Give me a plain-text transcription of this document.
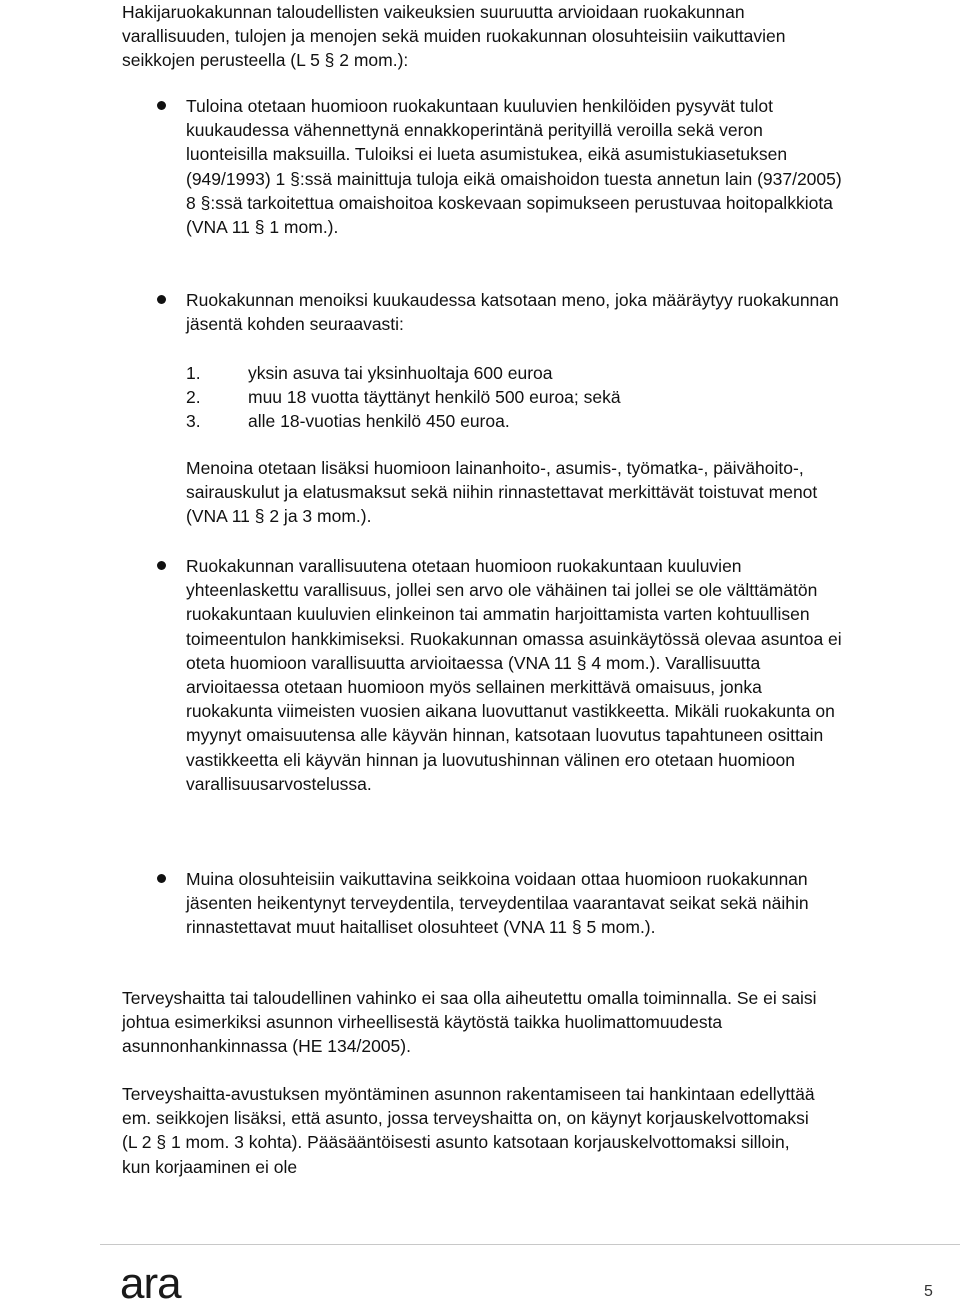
Hakijaruokakunnan taloudellisten vaikeuksien suuruutta arvioidaan ruokakunnan varallisuuden, tulojen ja menojen sekä muiden ruokakunnan olosuhteisiin vaikuttavien seikkojen perusteella (L 5 § 2 mom.):

Tuloina otetaan huomioon ruokakuntaan kuuluvien henkilöiden pysyvät tulot kuukaudessa vähennettynä ennakkoperintänä perityillä veroilla sekä veron luonteisilla maksuilla. Tuloiksi ei lueta asumistukea, eikä asumistukiasetuksen (949/1993) 1 §:ssä mainittuja tuloja eikä omaishoidon tuesta annetun lain (937/2005) 8 §:ssä tarkoitettua omaishoitoa koskevaan sopimukseen perustuvaa hoitopalkkiota (VNA 11 § 1 mom.).

Ruokakunnan menoiksi kuukaudessa katsotaan meno, joka määräytyy ruokakunnan jäsentä kohden seuraavasti:

1.	yksin asuva tai yksinhuoltaja 600 euroa
2.	muu 18 vuotta täyttänyt henkilö 500 euroa; sekä
3.	alle 18-vuotias henkilö 450 euroa.

Menoina otetaan lisäksi huomioon lainanhoito-, asumis-, työmatka-, päivähoito-, sairauskulut ja elatusmaksut sekä niihin rinnastettavat merkittävät toistuvat menot (VNA 11 § 2 ja 3 mom.).

Ruokakunnan varallisuutena otetaan huomioon ruokakuntaan kuuluvien yhteenlaskettu varallisuus, jollei sen arvo ole vähäinen tai jollei se ole välttämätön ruokakuntaan kuuluvien elinkeinon tai ammatin harjoittamista varten kohtuullisen toimeentulon hankkimiseksi. Ruokakunnan omassa asuinkäytössä olevaa asuntoa ei oteta huomioon varallisuutta arvioitaessa (VNA 11 § 4 mom.). Varallisuutta arvioitaessa otetaan huomioon myös sellainen merkittävä omaisuus, jonka ruokakunta viimeisten vuosien aikana luovuttanut vastikkeetta. Mikäli ruokakunta on myynyt omaisuutensa alle käyvän hinnan, katsotaan luovutus tapahtuneen osittain vastikkeetta eli käyvän hinnan ja luovutushinnan välinen ero otetaan huomioon varallisuusarvostelussa.

Muina olosuhteisiin vaikuttavina seikkoina voidaan ottaa huomioon ruokakunnan jäsenten heikentynyt terveydentila, terveydentilaa vaarantavat seikat sekä näihin rinnastettavat muut haitalliset olosuhteet (VNA 11 § 5 mom.).

Terveyshaitta tai taloudellinen vahinko ei saa olla aiheutettu omalla toiminnalla. Se ei saisi johtua esimerkiksi asunnon virheellisestä käytöstä taikka huolimattomuudesta asunnonhankinnassa (HE 134/2005).

Terveyshaitta-avustuksen myöntäminen asunnon rakentamiseen tai hankintaan edellyttää em. seikkojen lisäksi, että asunto, jossa terveyshaitta on, on käynyt korjauskelvottomaksi (L 2 § 1 mom. 3 kohta). Pääsääntöisesti asunto katsotaan korjauskelvottomaksi silloin, kun korjaaminen ei ole

ara	5
